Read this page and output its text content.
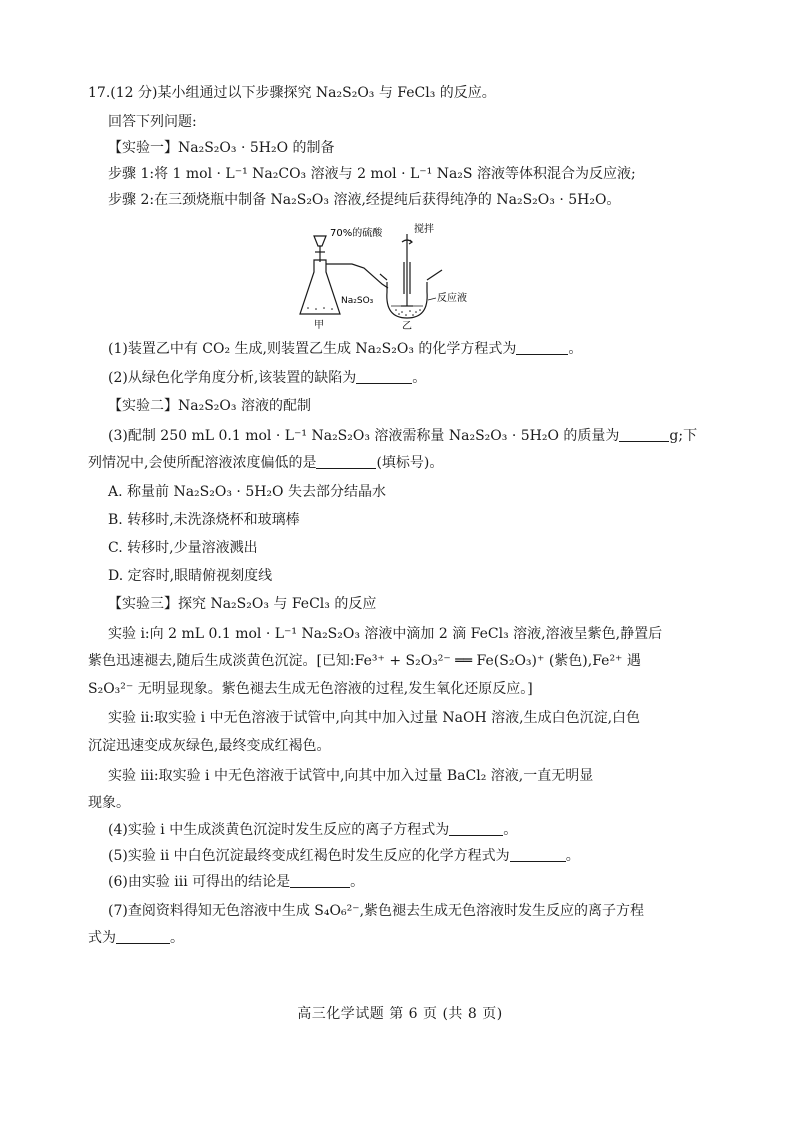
17.(12 分)某小组通过以下步骤探究 Na₂S₂O₃ 与 FeCl₃ 的反应。
回答下列问题:
【实验一】Na₂S₂O₃ · 5H₂O 的制备
步骤 1:将 1 mol · L⁻¹ Na₂CO₃ 溶液与 2 mol · L⁻¹ Na₂S 溶液等体积混合为反应液;
步骤 2:在三颈烧瓶中制备 Na₂S₂O₃ 溶液,经提纯后获得纯净的 Na₂S₂O₃ · 5H₂O。
70%的硫酸	搅拌
Na₂SO₃	反应液
甲	乙
(1)装置乙中有 CO₂ 生成,则装置乙生成 Na₂S₂O₃ 的化学方程式为	。
(2)从绿色化学角度分析,该装置的缺陷为	。
【实验二】Na₂S₂O₃ 溶液的配制
(3)配制 250 mL 0.1 mol · L⁻¹ Na₂S₂O₃ 溶液需称量 Na₂S₂O₃ · 5H₂O 的质量为	g;下
列情况中,会使所配溶液浓度偏低的是	(填标号)。
A. 称量前 Na₂S₂O₃ · 5H₂O 失去部分结晶水
B. 转移时,未洗涤烧杯和玻璃棒
C. 转移时,少量溶液溅出
D. 定容时,眼睛俯视刻度线
【实验三】探究 Na₂S₂O₃ 与 FeCl₃ 的反应
实验 i:向 2 mL 0.1 mol · L⁻¹ Na₂S₂O₃ 溶液中滴加 2 滴 FeCl₃ 溶液,溶液呈紫色,静置后
紫色迅速褪去,随后生成淡黄色沉淀。[已知:Fe³⁺ + S₂O₃²⁻ ══ Fe(S₂O₃)⁺ (紫色),Fe²⁺ 遇
S₂O₃²⁻ 无明显现象。紫色褪去生成无色溶液的过程,发生氧化还原反应。]
实验 ii:取实验 i 中无色溶液于试管中,向其中加入过量 NaOH 溶液,生成白色沉淀,白色
沉淀迅速变成灰绿色,最终变成红褐色。
实验 iii:取实验 i 中无色溶液于试管中,向其中加入过量 BaCl₂ 溶液,一直无明显
现象。
(4)实验 i 中生成淡黄色沉淀时发生反应的离子方程式为	。
(5)实验 ii 中白色沉淀最终变成红褐色时发生反应的化学方程式为	。
(6)由实验 iii 可得出的结论是	。
(7)查阅资料得知无色溶液中生成 S₄O₆²⁻,紫色褪去生成无色溶液时发生反应的离子方程
式为	。
高三化学试题 第 6 页 (共 8 页)
